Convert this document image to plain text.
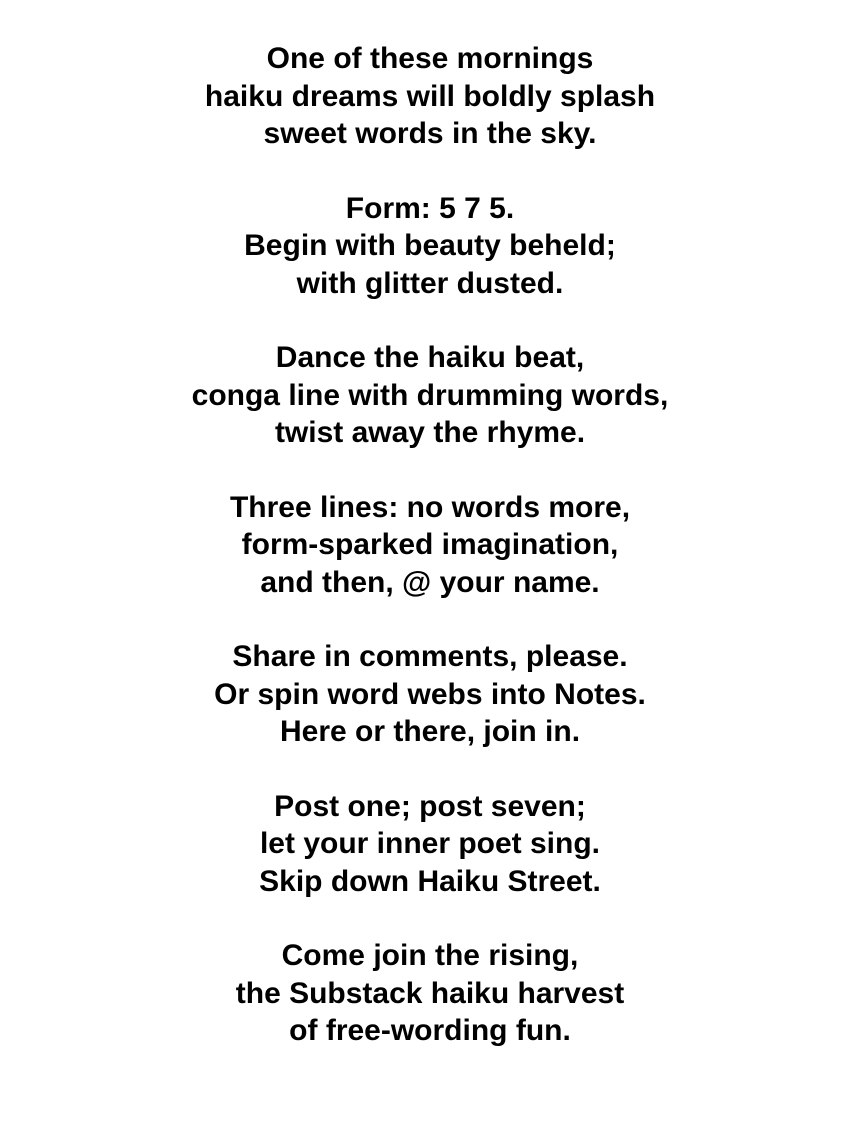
One of these mornings
haiku dreams will boldly splash
sweet words in the sky.
Form: 5 7 5.
Begin with beauty beheld;
with glitter dusted.
Dance the haiku beat,
conga line with drumming words,
twist away the rhyme.
Three lines: no words more,
form-sparked imagination,
and then, @ your name.
Share in comments, please.
Or spin word webs into Notes.
Here or there, join in.
Post one; post seven;
let your inner poet sing.
Skip down Haiku Street.
Come join the rising,
the Substack haiku harvest
of free-wording fun.
